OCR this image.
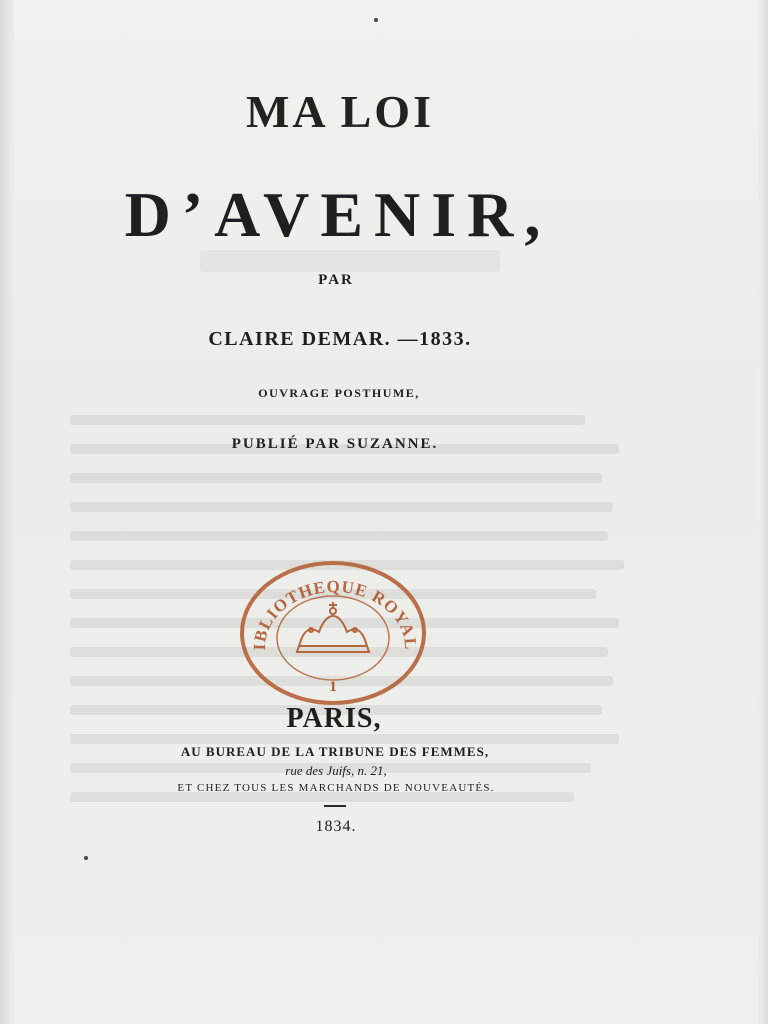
MA LOI
D’AVENIR,
PAR
CLAIRE DEMAR. —1833.
OUVRAGE POSTHUME,
PUBLIÉ PAR SUZANNE.
IBLIOTHEQUE ROYAL
1
PARIS,
AU BUREAU DE LA TRIBUNE DES FEMMES,
rue des Juifs, n. 21,
ET CHEZ TOUS LES MARCHANDS DE NOUVEAUTÉS.
1834.
